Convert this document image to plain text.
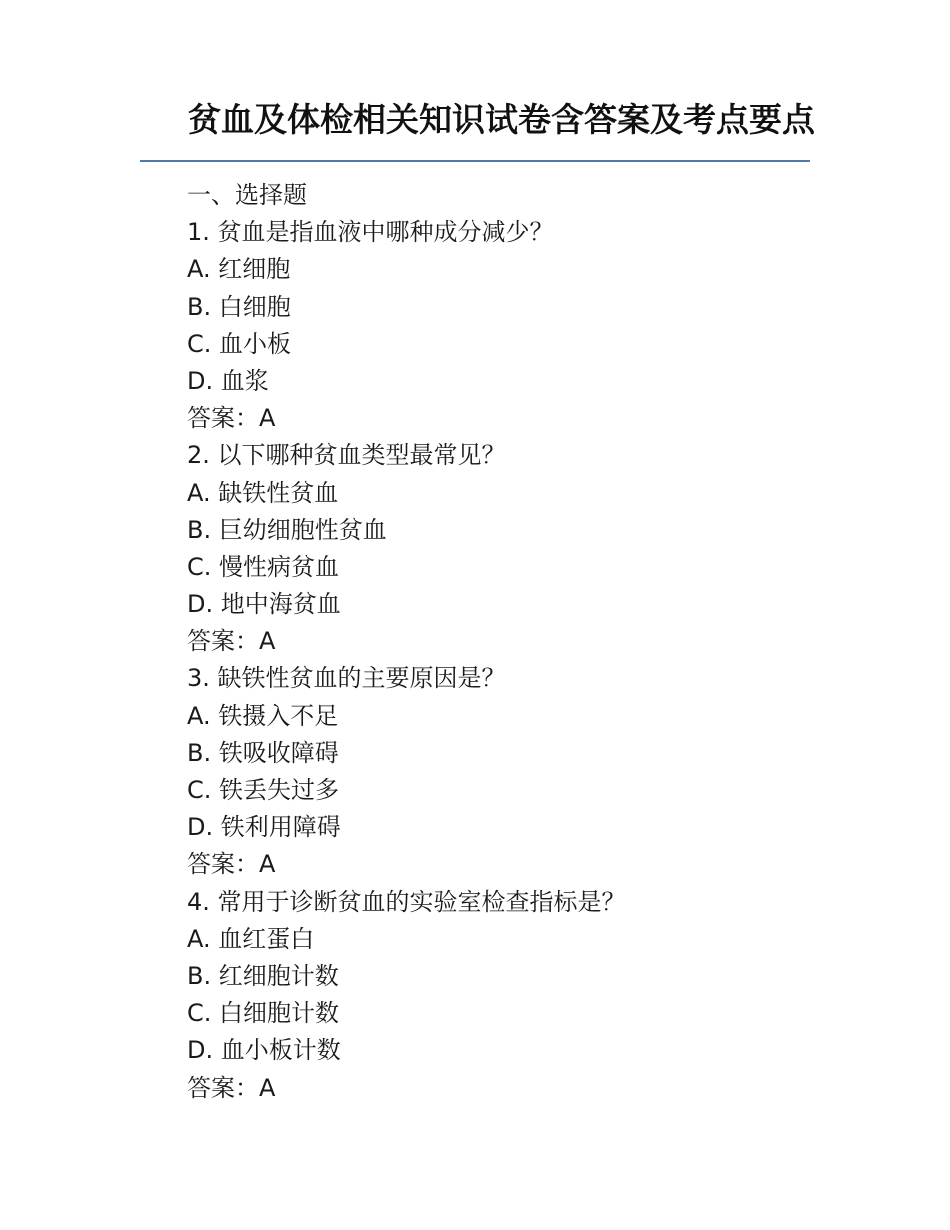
贫血及体检相关知识试卷含答案及考点要点
一、选择题
1. 贫血是指血液中哪种成分减少？
A. 红细胞
B. 白细胞
C. 血小板
D. 血浆
答案：A
2. 以下哪种贫血类型最常见？
A. 缺铁性贫血
B. 巨幼细胞性贫血
C. 慢性病贫血
D. 地中海贫血
答案：A
3. 缺铁性贫血的主要原因是？
A. 铁摄入不足
B. 铁吸收障碍
C. 铁丢失过多
D. 铁利用障碍
答案：A
4. 常用于诊断贫血的实验室检查指标是？
A. 血红蛋白
B. 红细胞计数
C. 白细胞计数
D. 血小板计数
答案：A
